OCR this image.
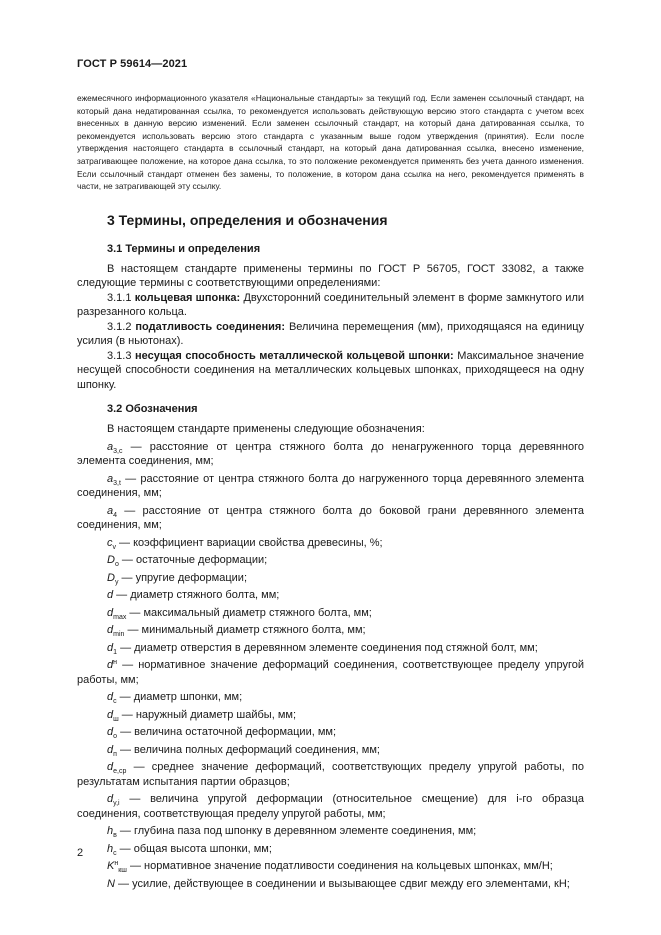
ГОСТ Р 59614—2021

ежемесячного информационного указателя «Национальные стандарты» за текущий год. Если заменен ссылочный стандарт, на который дана недатированная ссылка, то рекомендуется использовать действующую версию этого стандарта с учетом всех внесенных в данную версию изменений. Если заменен ссылочный стандарт, на который дана датированная ссылка, то рекомендуется использовать версию этого стандарта с указанным выше годом утверждения (принятия). Если после утверждения настоящего стандарта в ссылочный стандарт, на который дана датированная ссылка, внесено изменение, затрагивающее положение, на которое дана ссылка, то это положение рекомендуется применять без учета данного изменения. Если ссылочный стандарт отменен без замены, то положение, в котором дана ссылка на него, рекомендуется применять в части, не затрагивающей эту ссылку.

3 Термины, определения и обозначения
3.1 Термины и определения

В настоящем стандарте применены термины по ГОСТ Р 56705, ГОСТ 33082, а также следующие термины с соответствующими определениями:

3.1.1 кольцевая шпонка: Двухсторонний соединительный элемент в форме замкнутого или разрезанного кольца.

3.1.2 податливость соединения: Величина перемещения (мм), приходящаяся на единицу усилия (в ньютонах).

3.1.3 несущая способность металлической кольцевой шпонки: Максимальное значение несущей способности соединения на металлических кольцевых шпонках, приходящееся на одну шпонку.

3.2 Обозначения

В настоящем стандарте применены следующие обозначения:

$a_{3,c}$ — расстояние от центра стяжного болта до ненагруженного торца деревянного элемента соединения, мм;

$a_{3,t}$ — расстояние от центра стяжного болта до нагруженного торца деревянного элемента соединения, мм;

$a_4$ — расстояние от центра стяжного болта до боковой грани деревянного элемента соединения, мм;

$c_v$ — коэффициент вариации свойства древесины, %;

$D_o$ — остаточные деформации;

$D_y$ — упругие деформации;

d — диаметр стяжного болта, мм;

$d_{max}$ — максимальный диаметр стяжного болта, мм;

$d_{min}$ — минимальный диаметр стяжного болта, мм;

$d_1$ — диаметр отверстия в деревянном элементе соединения под стяжной болт, мм;

$d^н$ — нормативное значение деформаций соединения, соответствующее пределу упругой работы, мм;

$d_c$ — диаметр шпонки, мм;

$d_ш$ — наружный диаметр шайбы, мм;

$d_o$ — величина остаточной деформации, мм;

$d_п$ — величина полных деформаций соединения, мм;

$d_{e,cp}$ — среднее значение деформаций, соответствующих пределу упругой работы, по результатам испытания партии образцов;

$d_{y,i}$ — величина упругой деформации (относительное смещение) для i-го образца соединения, соответствующая пределу упругой работы, мм;

$h_в$ — глубина паза под шпонку в деревянном элементе соединения, мм;

$h_c$ — общая высота шпонки, мм;

$K^н_{кш}$ — нормативное значение податливости соединения на кольцевых шпонках, мм/Н;

N — усилие, действующее в соединении и вызывающее сдвиг между его элементами, кН;

2
